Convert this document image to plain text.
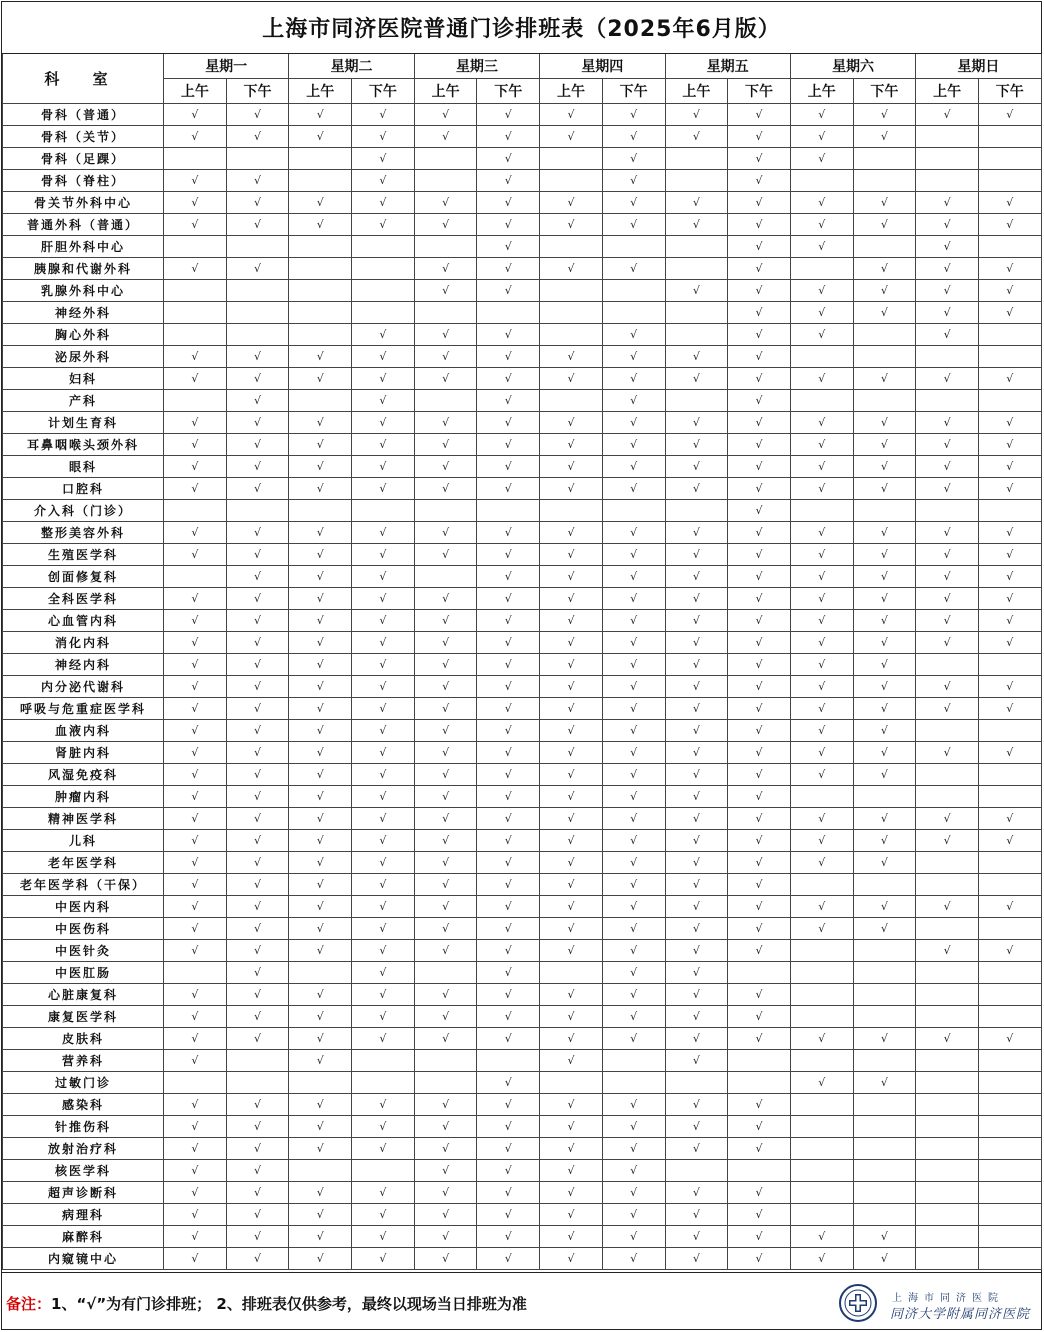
上海市同济医院普通门诊排班表（2025年6月版）
科 室	星期一		星期二		星期三		星期四		星期五		星期六		星期日	
	上午	下午	上午	下午	上午	下午	上午	下午	上午	下午	上午	下午	上午	下午
骨科（普通）	√	√	√	√	√	√	√	√	√	√	√	√	√	√
骨科（关节）	√	√	√	√	√	√	√	√	√	√	√	√		
骨科（足踝）				√		√		√		√	√			
骨科（脊柱）	√	√		√		√		√		√				
骨关节外科中心	√	√	√	√	√	√	√	√	√	√	√	√	√	√
普通外科（普通）	√	√	√	√	√	√	√	√	√	√	√	√	√	√
肝胆外科中心						√				√	√		√	
胰腺和代谢外科	√	√			√	√	√	√		√		√	√	√
乳腺外科中心					√	√			√	√	√	√	√	√
神经外科										√	√	√	√	√
胸心外科				√	√	√		√		√	√		√	
泌尿外科	√	√	√	√	√	√	√	√	√	√				
妇科	√	√	√	√	√	√	√	√	√	√	√	√	√	√
产科		√		√		√		√		√				
计划生育科	√	√	√	√	√	√	√	√	√	√	√	√	√	√
耳鼻咽喉头颈外科	√	√	√	√	√	√	√	√	√	√	√	√	√	√
眼科	√	√	√	√	√	√	√	√	√	√	√	√	√	√
口腔科	√	√	√	√	√	√	√	√	√	√	√	√	√	√
介入科（门诊）										√				
整形美容外科	√	√	√	√	√	√	√	√	√	√	√	√	√	√
生殖医学科	√	√	√	√	√	√	√	√	√	√	√	√	√	√
创面修复科		√	√	√		√	√	√	√	√	√	√	√	√
全科医学科	√	√	√	√	√	√	√	√	√	√	√	√	√	√
心血管内科	√	√	√	√	√	√	√	√	√	√	√	√	√	√
消化内科	√	√	√	√	√	√	√	√	√	√	√	√	√	√
神经内科	√	√	√	√	√	√	√	√	√	√	√	√		
内分泌代谢科	√	√	√	√	√	√	√	√	√	√	√	√	√	√
呼吸与危重症医学科	√	√	√	√	√	√	√	√	√	√	√	√	√	√
血液内科	√	√	√	√	√	√	√	√	√	√	√	√		
肾脏内科	√	√	√	√	√	√	√	√	√	√	√	√	√	√
风湿免疫科	√	√	√	√	√	√	√	√	√	√	√	√		
肿瘤内科	√	√	√	√	√	√	√	√	√	√				
精神医学科	√	√	√	√	√	√	√	√	√	√	√	√	√	√
儿科	√	√	√	√	√	√	√	√	√	√	√	√	√	√
老年医学科	√	√	√	√	√	√	√	√	√	√	√	√		
老年医学科（干保）	√	√	√	√	√	√	√	√	√	√				
中医内科	√	√	√	√	√	√	√	√	√	√	√	√	√	√
中医伤科	√	√	√	√	√	√	√	√	√	√	√	√		
中医针灸	√	√	√	√	√	√	√	√	√	√			√	√
中医肛肠		√		√		√		√	√					
心脏康复科	√	√	√	√	√	√	√	√	√	√				
康复医学科	√	√	√	√	√	√	√	√	√	√				
皮肤科	√	√	√	√	√	√	√	√	√	√	√	√	√	√
营养科	√		√				√		√					
过敏门诊						√					√	√		
感染科	√	√	√	√	√	√	√	√	√	√				
针推伤科	√	√	√	√	√	√	√	√	√	√				
放射治疗科	√	√	√	√	√	√	√	√	√	√				
核医学科	√	√			√	√	√	√						
超声诊断科	√	√	√	√	√	√	√	√	√	√				
病理科	√	√	√	√	√	√	√	√	√	√				
麻醉科	√	√	√	√	√	√	√	√	√	√	√	√		
内窥镜中心	√	√	√	√	√	√	√	√	√	√	√	√		
备注：1、“√”为有门诊排班； 2、排班表仅供参考，最终以现场当日排班为准	上海市同济医院
同济大学附属同济医院
